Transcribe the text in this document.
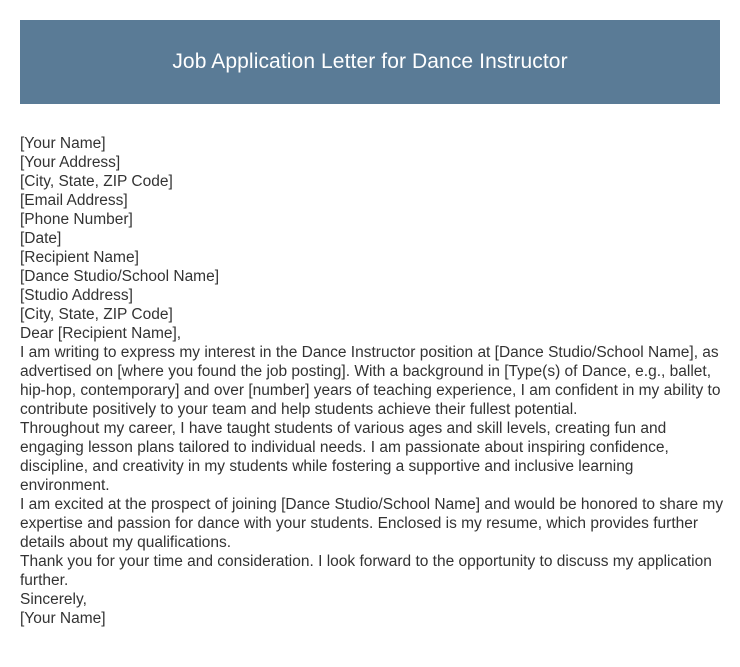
Job Application Letter for Dance Instructor
[Your Name]
[Your Address]
[City, State, ZIP Code]
[Email Address]
[Phone Number]
[Date]
[Recipient Name]
[Dance Studio/School Name]
[Studio Address]
[City, State, ZIP Code]
Dear [Recipient Name],

I am writing to express my interest in the Dance Instructor position at [Dance Studio/School Name], as advertised on [where you found the job posting]. With a background in [Type(s) of Dance, e.g., ballet, hip-hop, contemporary] and over [number] years of teaching experience, I am confident in my ability to contribute positively to your team and help students achieve their fullest potential.

Throughout my career, I have taught students of various ages and skill levels, creating fun and engaging lesson plans tailored to individual needs. I am passionate about inspiring confidence, discipline, and creativity in my students while fostering a supportive and inclusive learning environment.

I am excited at the prospect of joining [Dance Studio/School Name] and would be honored to share my expertise and passion for dance with your students. Enclosed is my resume, which provides further details about my qualifications.

Thank you for your time and consideration. I look forward to the opportunity to discuss my application further.

Sincerely,
[Your Name]
